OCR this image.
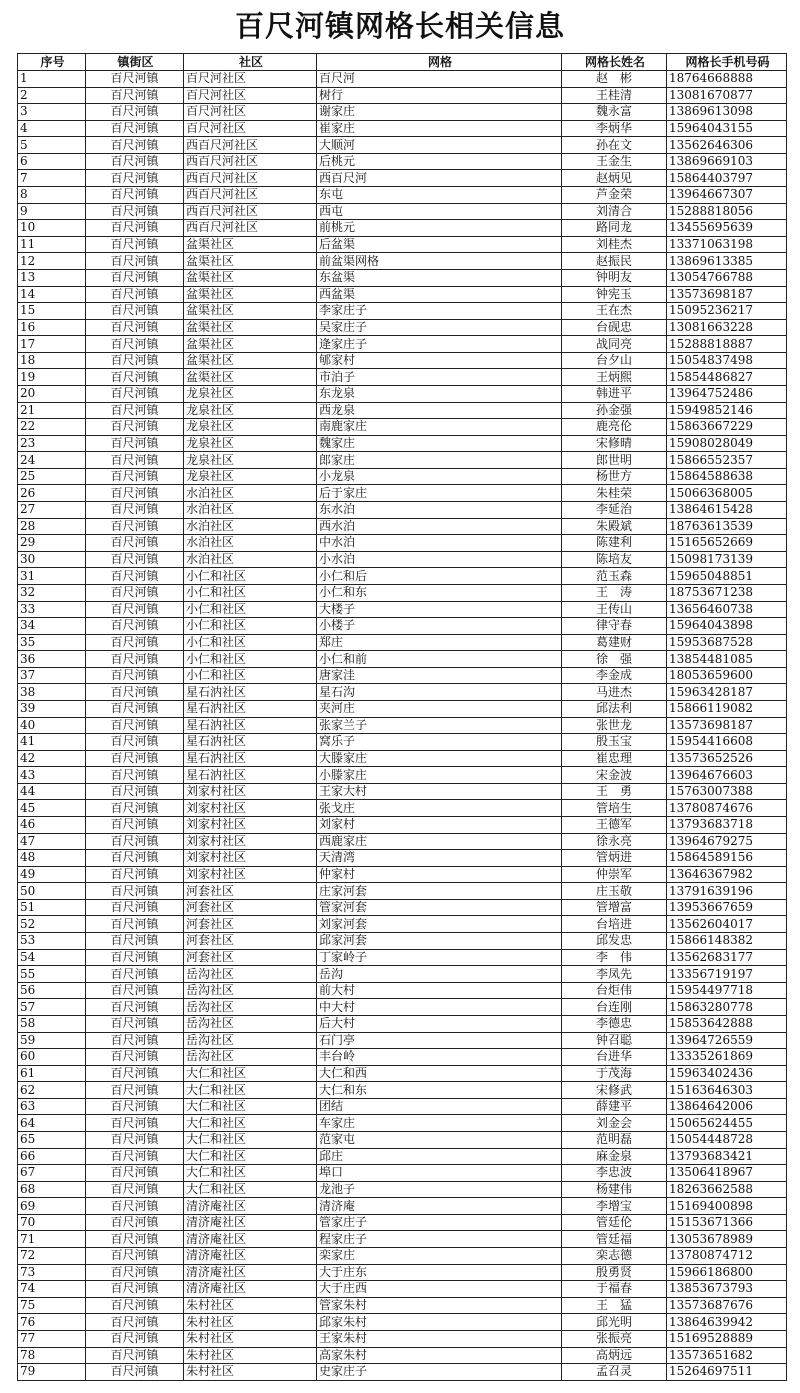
百尺河镇网格长相关信息
序号	镇街区	社区	网格	网格长姓名	网格长手机号码
1	百尺河镇	百尺河社区	百尺河	赵　彬	18764668888
2	百尺河镇	百尺河社区	树行	王桂清	13081670877
3	百尺河镇	百尺河社区	谢家庄	魏永富	13869613098
4	百尺河镇	百尺河社区	崔家庄	李炳华	15964043155
5	百尺河镇	西百尺河社区	大顺河	孙在文	13562646306
6	百尺河镇	西百尺河社区	后桃元	王金生	13869669103
7	百尺河镇	西百尺河社区	西百尺河	赵炳见	15864403797
8	百尺河镇	西百尺河社区	东屯	芦金荣	13964667307
9	百尺河镇	西百尺河社区	西屯	刘清合	15288818056
10	百尺河镇	西百尺河社区	前桃元	路同龙	13455695639
11	百尺河镇	盆渠社区	后盆渠	刘桂杰	13371063198
12	百尺河镇	盆渠社区	前盆渠网格	赵振民	13869613385
13	百尺河镇	盆渠社区	东盆渠	钟明友	13054766788
14	百尺河镇	盆渠社区	西盆渠	钟宪玉	13573698187
15	百尺河镇	盆渠社区	李家庄子	王在杰	15095236217
16	百尺河镇	盆渠社区	吴家庄子	台砚忠	13081663228
17	百尺河镇	盆渠社区	逄家庄子	战同亮	15288818887
18	百尺河镇	盆渠社区	郇家村	台夕山	15054837498
19	百尺河镇	盆渠社区	市泊子	王炳熙	15854486827
20	百尺河镇	龙泉社区	东龙泉	韩进平	13964752486
21	百尺河镇	龙泉社区	西龙泉	孙金强	15949852146
22	百尺河镇	龙泉社区	南鹿家庄	鹿亮伦	15863667229
23	百尺河镇	龙泉社区	魏家庄	宋修晴	15908028049
24	百尺河镇	龙泉社区	郎家庄	郎世明	15866552357
25	百尺河镇	龙泉社区	小龙泉	杨世方	15864588638
26	百尺河镇	水泊社区	后于家庄	朱桂荣	15066368005
27	百尺河镇	水泊社区	东水泊	李延治	13864615428
28	百尺河镇	水泊社区	西水泊	朱殿斌	18763613539
29	百尺河镇	水泊社区	中水泊	陈建利	15165652669
30	百尺河镇	水泊社区	小水泊	陈培友	15098173139
31	百尺河镇	小仁和社区	小仁和后	范玉森	15965048851
32	百尺河镇	小仁和社区	小仁和东	王　涛	18753671238
33	百尺河镇	小仁和社区	大楼子	王传山	13656460738
34	百尺河镇	小仁和社区	小楼子	律守春	15964043898
35	百尺河镇	小仁和社区	郑庄	葛建财	15953687528
36	百尺河镇	小仁和社区	小仁和前	徐　强	13854481085
37	百尺河镇	小仁和社区	唐家洼	李金成	18053659600
38	百尺河镇	星石汭社区	星石沟	马进杰	15963428187
39	百尺河镇	星石汭社区	夹河庄	邱法利	15866119082
40	百尺河镇	星石汭社区	张家兰子	张世龙	13573698187
41	百尺河镇	星石汭社区	窝乐子	殷玉宝	15954416608
42	百尺河镇	星石汭社区	大滕家庄	崔忠理	13573652526
43	百尺河镇	星石汭社区	小滕家庄	宋金波	13964676603
44	百尺河镇	刘家村社区	王家大村	王　勇	15763007388
45	百尺河镇	刘家村社区	张戈庄	管培生	13780874676
46	百尺河镇	刘家村社区	刘家村	王德军	13793683718
47	百尺河镇	刘家村社区	西鹿家庄	徐永亮	13964679275
48	百尺河镇	刘家村社区	天清湾	管炳进	15864589156
49	百尺河镇	刘家村社区	仲家村	仲崇军	13646367982
50	百尺河镇	河套社区	庄家河套	庄玉敬	13791639196
51	百尺河镇	河套社区	管家河套	管增富	13953667659
52	百尺河镇	河套社区	刘家河套	台培进	13562604017
53	百尺河镇	河套社区	邱家河套	邱发忠	15866148382
54	百尺河镇	河套社区	丁家岭子	李　伟	13562683177
55	百尺河镇	岳沟社区	岳沟	李凤先	13356719197
56	百尺河镇	岳沟社区	前大村	台炬伟	15954497718
57	百尺河镇	岳沟社区	中大村	台连刚	15863280778
58	百尺河镇	岳沟社区	后大村	李德忠	15853642888
59	百尺河镇	岳沟社区	石门亭	钟召聪	13964726559
60	百尺河镇	岳沟社区	丰台岭	台进华	13335261869
61	百尺河镇	大仁和社区	大仁和西	于茂海	15963402436
62	百尺河镇	大仁和社区	大仁和东	宋修武	15163646303
63	百尺河镇	大仁和社区	团结	薛建平	13864642006
64	百尺河镇	大仁和社区	车家庄	刘金会	15065624455
65	百尺河镇	大仁和社区	范家屯	范明磊	15054448728
66	百尺河镇	大仁和社区	邱庄	麻金泉	13793683421
67	百尺河镇	大仁和社区	埠口	李忠波	13506418967
68	百尺河镇	大仁和社区	龙池子	杨建伟	18263662588
69	百尺河镇	清济庵社区	清济庵	李增宝	15169400898
70	百尺河镇	清济庵社区	管家庄子	管廷伦	15153671366
71	百尺河镇	清济庵社区	程家庄子	管廷福	13053678989
72	百尺河镇	清济庵社区	栾家庄	栾志德	13780874712
73	百尺河镇	清济庵社区	大于庄东	殷勇贤	15966186800
74	百尺河镇	清济庵社区	大于庄西	于福春	13853673793
75	百尺河镇	朱村社区	管家朱村	王　猛	13573687676
76	百尺河镇	朱村社区	邱家朱村	邱光明	13864639942
77	百尺河镇	朱村社区	王家朱村	张振亮	15169528889
78	百尺河镇	朱村社区	高家朱村	高炳远	13573651682
79	百尺河镇	朱村社区	史家庄子	孟召灵	15264697511
